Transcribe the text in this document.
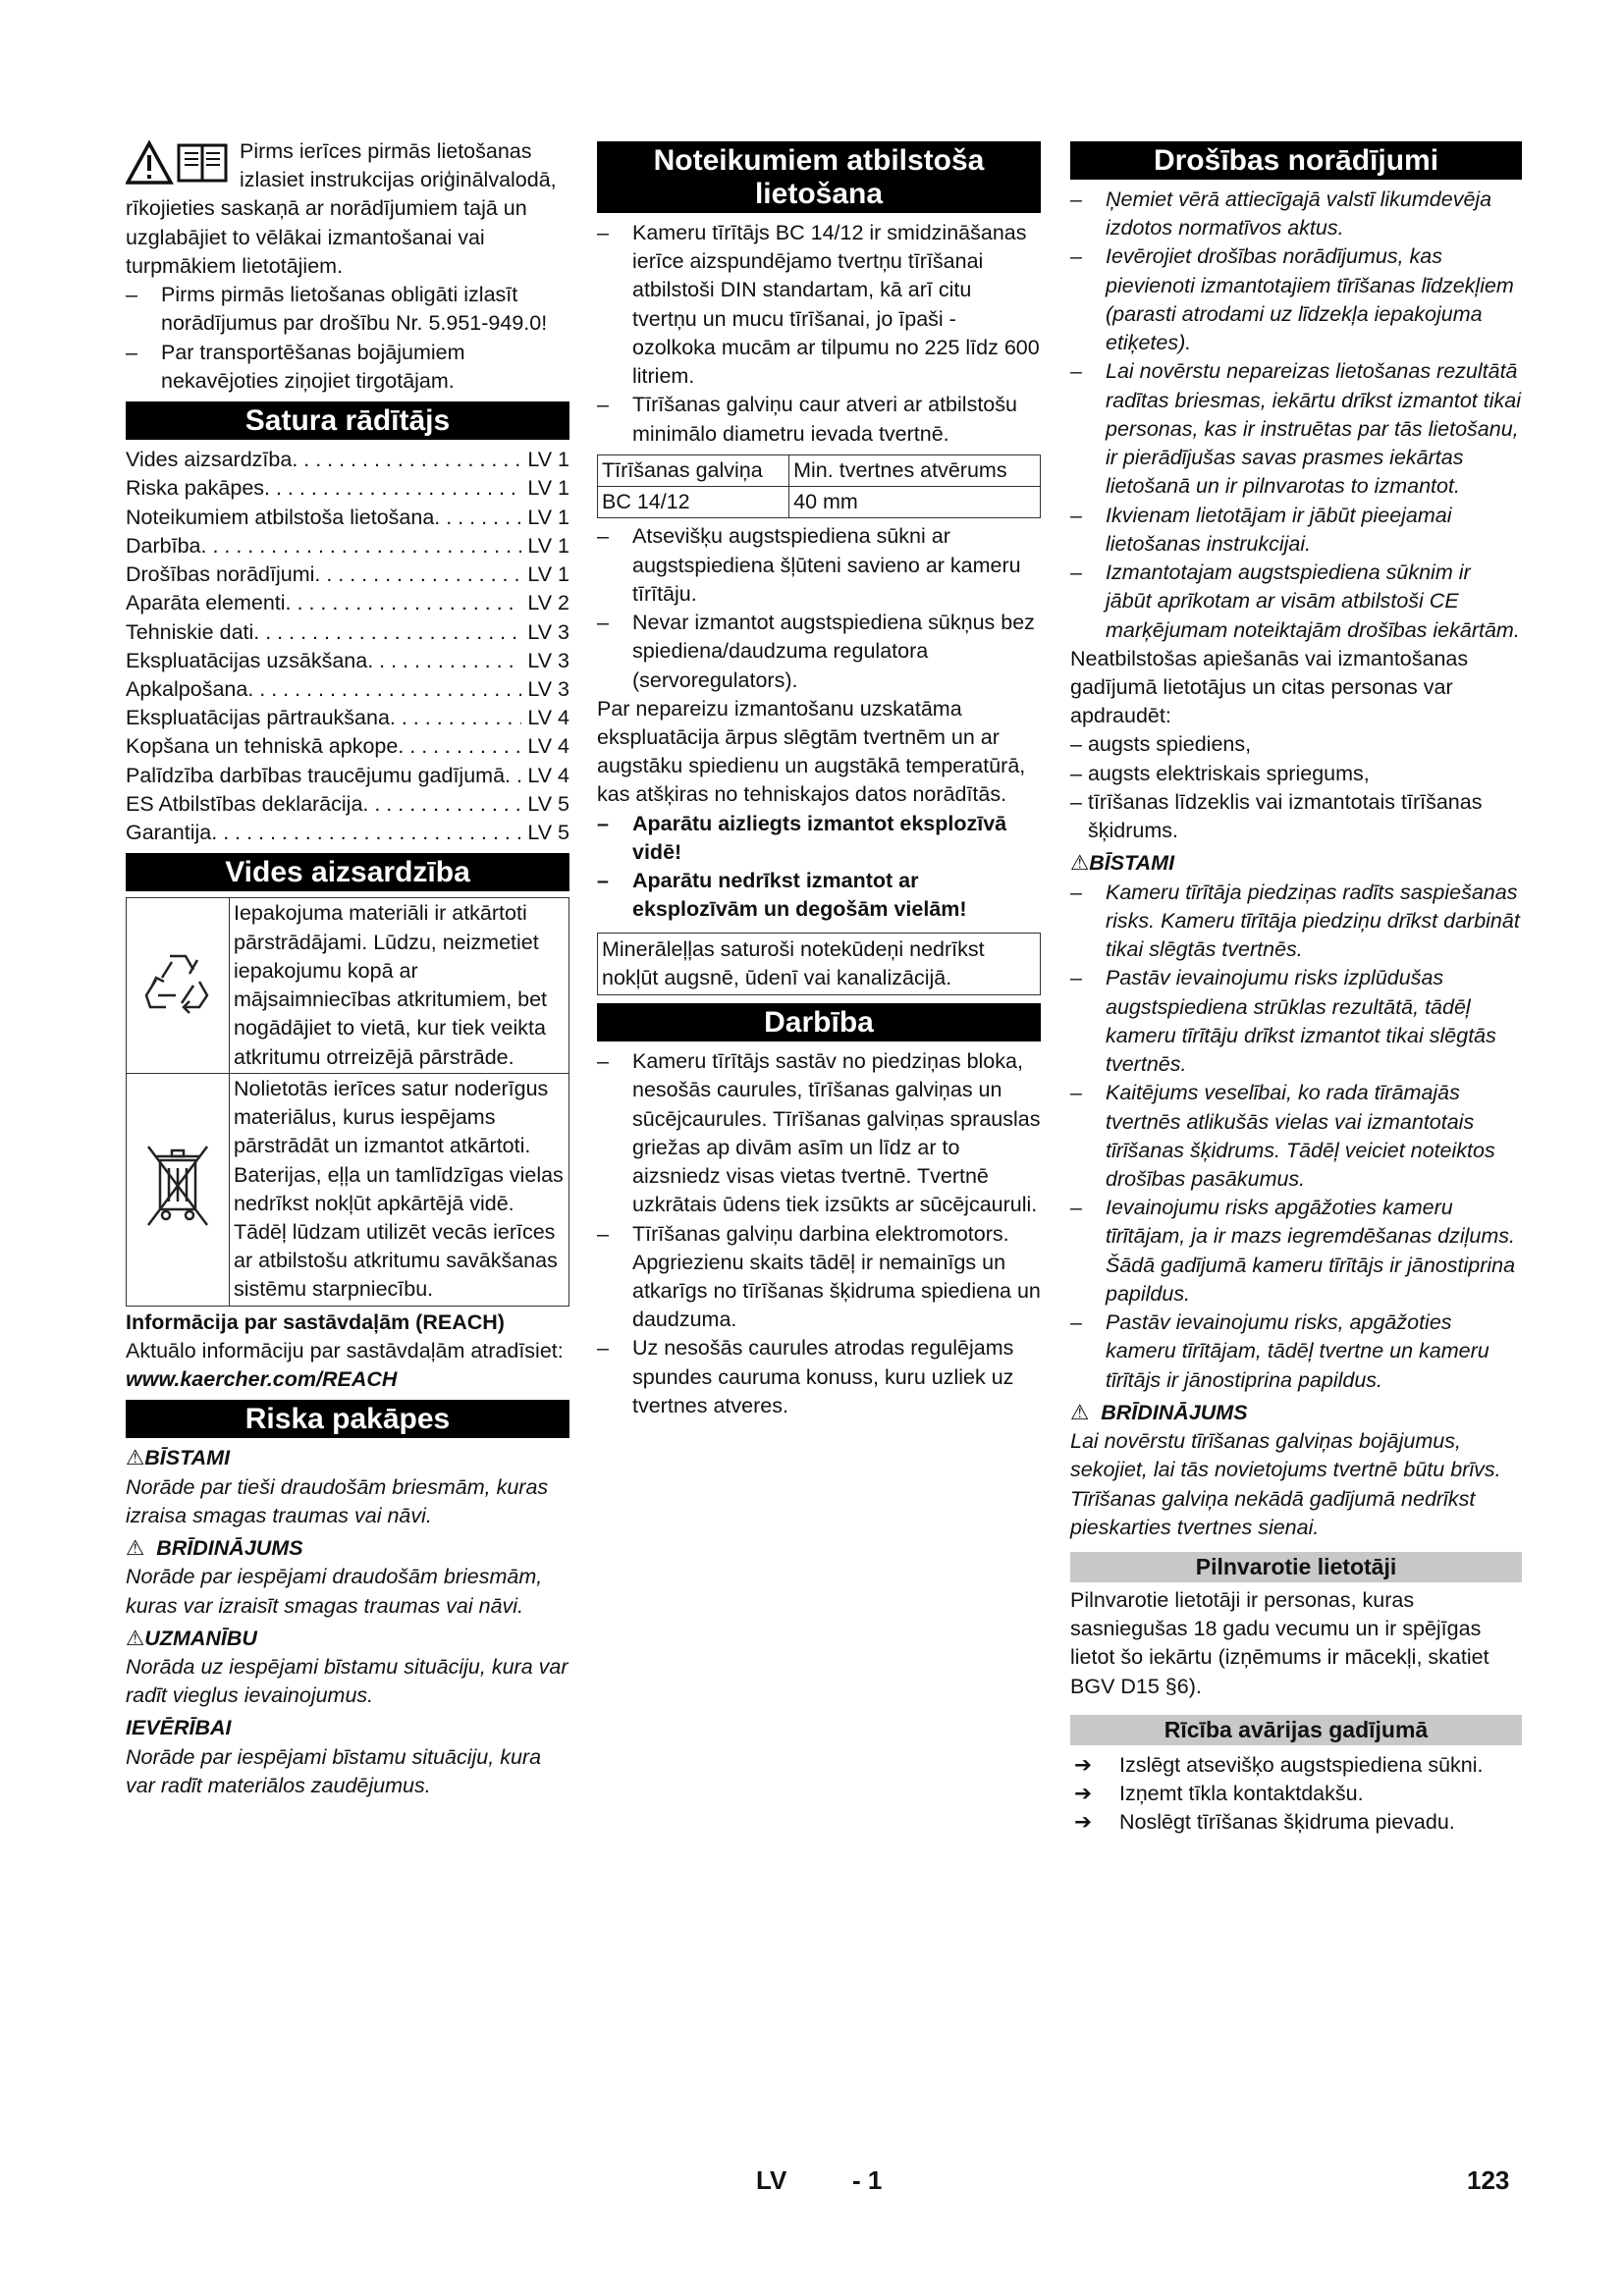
Pirms ierīces pirmās lietošanas izlasiet instrukcijas oriģinālvalodā, rīkojieties saskaņā ar norādījumiem tajā un uzglabājiet to vēlākai izmantošanai vai turpmākiem lietotājiem.

– Pirms pirmās lietošanas obligāti izlasīt norādījumus par drošību Nr. 5.951-949.0!
– Par transportēšanas bojājumiem nekavējoties ziņojiet tirgotājam.
Satura rādītājs
Vides aizsardzība . . .	LV 1
Riska pakāpes . . .	LV 1
Noteikumiem atbilstoša lietošana . . .	LV 1
Darbība . . .	LV 1
Drošības norādījumi . . .	LV 1
Aparāta elementi . . .	LV 2
Tehniskie dati . . .	LV 3
Ekspluatācijas uzsākšana . . .	LV 3
Apkalpošana . . .	LV 3
Ekspluatācijas pārtraukšana . . .	LV 4
Kopšana un tehniskā apkope . . .	LV 4
Palīdzība darbības traucējumu gadījumā . . . LV 4
ES Atbilstības deklarācija . . .	LV 5
Garantija . . .	LV 5
Vides aizsardzība
	Iepakojuma materiāli ir atkārtoti pārstrādājami. Lūdzu, neizmetiet iepakojumu kopā ar mājsaimniecības atkritumiem, bet nogādājiet to vietā, kur tiek veikta atkritumu otrreizējā pārstrāde.
	Nolietotās ierīces satur noderīgus materiālus, kurus iespējams pārstrādāt un izmantot atkārtoti. Baterijas, eļļa un tamlīdzīgas vielas nedrīkst nokļūt apkārtējā vidē. Tādēļ lūdzam utilizēt vecās ierīces ar atbilstošu atkritumu savākšanas sistēmu starpniecību.

Informācija par sastāvdaļām (REACH)

Aktuālo informāciju par sastāvdaļām atradīsiet:

www.kaercher.com/REACH

Riska pakāpes
⚠BĪSTAMI

Norāde par tieši draudošām briesmām, kuras izraisa smagas traumas vai nāvi.

⚠ BRĪDINĀJUMS

Norāde par iespējami draudošām briesmām, kuras var izraisīt smagas traumas vai nāvi.

⚠UZMANĪBU

Norāda uz iespējami bīstamu situāciju, kura var radīt vieglus ievainojumus.

IEVĒRĪBAI

Norāde par iespējami bīstamu situāciju, kura var radīt materiālos zaudējumus.

Noteikumiem atbilstoša lietošana
– Kameru tīrītājs BC 14/12 ir smidzināšanas ierīce aizspundējamo tvertņu tīrīšanai atbilstoši DIN standartam, kā arī citu tvertņu un mucu tīrīšanai, jo īpaši - ozolkoka mucām ar tilpumu no 225 līdz 600 litriem.
– Tīrīšanas galviņu caur atveri ar atbilstošu minimālo diametru ievada tvertnē.
Tīrīšanas galviņa	Min. tvertnes atvērums
BC 14/12	40 mm
– Atsevišķu augstspiediena sūkni ar augstspiediena šļūteni savieno ar kameru tīrītāju.
– Nevar izmantot augstspiediena sūkņus bez spiediena/daudzuma regulatora (servoregulators).

Par nepareizu izmantošanu uzskatāma ekspluatācija ārpus slēgtām tvertnēm un ar augstāku spiedienu un augstākā temperatūrā, kas atšķiras no tehniskajos datos norādītās.

– Aparātu aizliegts izmantot eksplozīvā vidē!
– Aparātu nedrīkst izmantot ar eksplozīvām un degošām vielām!
Minerāleļļas saturoši notekūdeņi nedrīkst nokļūt augsnē, ūdenī vai kanalizācijā.
Darbība
– Kameru tīrītājs sastāv no piedziņas bloka, nesošās caurules, tīrīšanas galviņas un sūcējcaurules. Tīrīšanas galviņas sprauslas griežas ap divām asīm un līdz ar to aizsniedz visas vietas tvertnē. Tvertnē uzkrātais ūdens tiek izsūkts ar sūcējcauruli.
– Tīrīšanas galviņu darbina elektromotors. Apgriezienu skaits tādēļ ir nemainīgs un atkarīgs no tīrīšanas šķidruma spiediena un daudzuma.
– Uz nesošās caurules atrodas regulējams spundes cauruma konuss, kuru uzliek uz tvertnes atveres.
Drošības norādījumi
– Ņemiet vērā attiecīgajā valstī likumdevēja izdotos normatīvos aktus.
– Ievērojiet drošības norādījumus, kas pievienoti izmantotajiem tīrīšanas līdzekļiem (parasti atrodami uz līdzekļa iepakojuma etiķetes).
– Lai novērstu nepareizas lietošanas rezultātā radītas briesmas, iekārtu drīkst izmantot tikai personas, kas ir instruētas par tās lietošanu, ir pierādījušas savas prasmes iekārtas lietošanā un ir pilnvarotas to izmantot.
– Ikvienam lietotājam ir jābūt pieejamai lietošanas instrukcijai.
– Izmantotajam augstspiediena sūknim ir jābūt aprīkotam ar visām atbilstoši CE marķējumam noteiktajām drošības iekārtām.

Neatbilstošas apiešanās vai izmantošanas gadījumā lietotājus un citas personas var apdraudēt:

– augsts spiediens,
– augsts elektriskais spriegums,
– tīrīšanas līdzeklis vai izmantotais tīrīšanas šķidrums.
⚠BĪSTAMI
– Kameru tīrītāja piedziņas radīts saspiešanas risks. Kameru tīrītāja piedziņu drīkst darbināt tikai slēgtās tvertnēs.
– Pastāv ievainojumu risks izplūdušas augstspiediena strūklas rezultātā, tādēļ kameru tīrītāju drīkst izmantot tikai slēgtās tvertnēs.
– Kaitējums veselībai, ko rada tīrāmajās tvertnēs atlikušās vielas vai izmantotais tīrīšanas šķidrums. Tādēļ veiciet noteiktos drošības pasākumus.
– Ievainojumu risks apgāžoties kameru tīrītājam, ja ir mazs iegremdēšanas dziļums. Šādā gadījumā kameru tīrītājs ir jānostiprina papildus.
– Pastāv ievainojumu risks, apgāžoties kameru tīrītājam, tādēļ tvertne un kameru tīrītājs ir jānostiprina papildus.
⚠ BRĪDINĀJUMS

Lai novērstu tīrīšanas galviņas bojājumus, sekojiet, lai tās novietojums tvertnē būtu brīvs. Tīrīšanas galviņa nekādā gadījumā nedrīkst pieskarties tvertnes sienai.

Pilnvarotie lietotāji

Pilnvarotie lietotāji ir personas, kuras sasniegušas 18 gadu vecumu un ir spējīgas lietot šo iekārtu (izņēmums ir mācekļi, skatiet BGV D15 §6).

Rīcība avārijas gadījumā
➔ Izslēgt atsevišķo augstspiediena sūkni.
➔ Izņemt tīkla kontaktdakšu.
➔ Noslēgt tīrīšanas šķidruma pievadu.
LV	- 1	123
